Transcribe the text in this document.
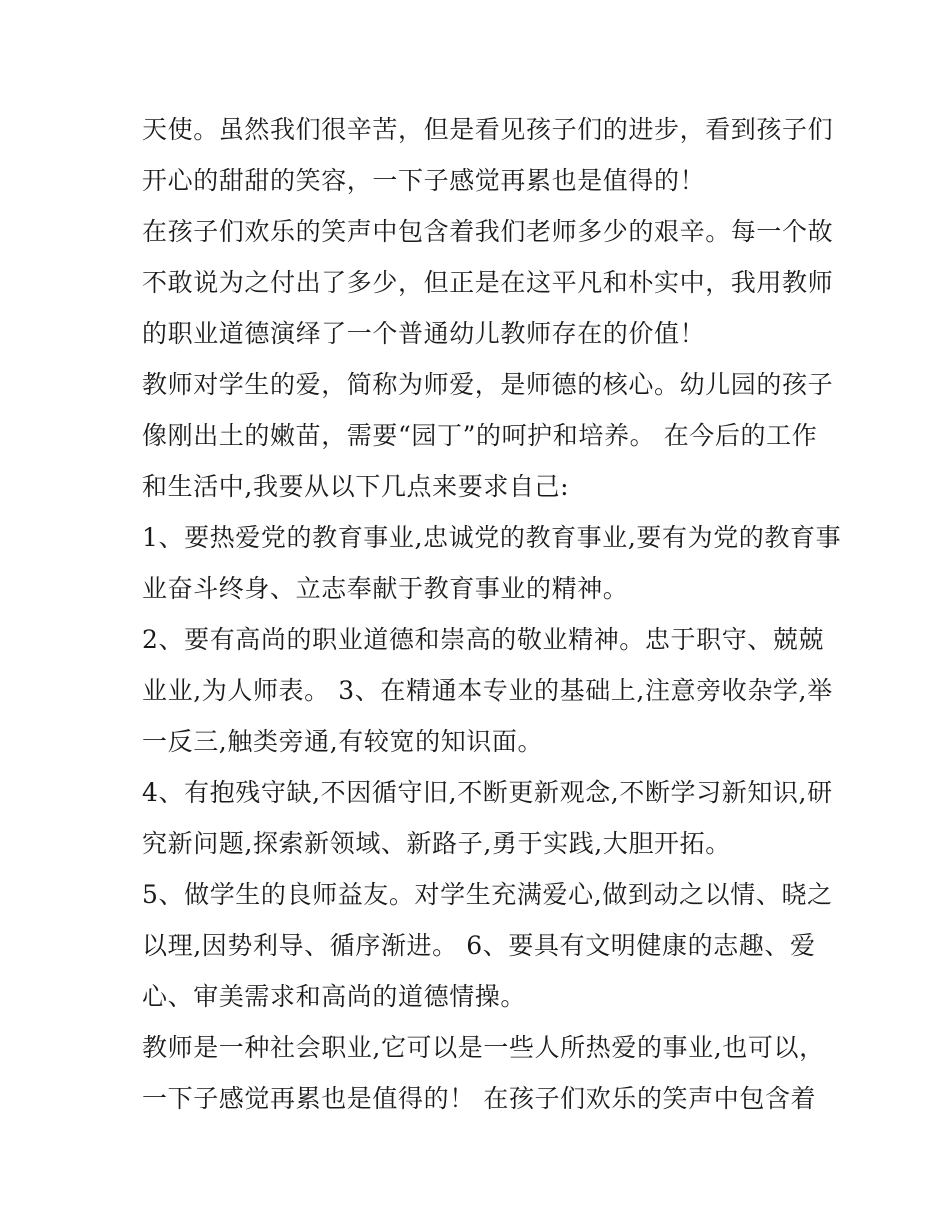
天使。虽然我们很辛苦，但是看见孩子们的进步，看到孩子们
开心的甜甜的笑容，一下子感觉再累也是值得的！
在孩子们欢乐的笑声中包含着我们老师多少的艰辛。每一个故
不敢说为之付出了多少，但正是在这平凡和朴实中，我用教师
的职业道德演绎了一个普通幼儿教师存在的价值！
教师对学生的爱，简称为师爱，是师德的核心。幼儿园的孩子
像刚出土的嫩苗，需要“园丁”的呵护和培养。 在今后的工作
和生活中,我要从以下几点来要求自己:
1、要热爱党的教育事业,忠诚党的教育事业,要有为党的教育事
业奋斗终身、立志奉献于教育事业的精神。
2、要有高尚的职业道德和崇高的敬业精神。忠于职守、兢兢
业业,为人师表。 3、在精通本专业的基础上,注意旁收杂学,举
一反三,触类旁通,有较宽的知识面。
4、有抱残守缺,不因循守旧,不断更新观念,不断学习新知识,研
究新问题,探索新领域、新路子,勇于实践,大胆开拓。
5、做学生的良师益友。对学生充满爱心,做到动之以情、晓之
以理,因势利导、循序渐进。 6、要具有文明健康的志趣、爱
心、审美需求和高尚的道德情操。
教师是一种社会职业,它可以是一些人所热爱的事业,也可以，
一下子感觉再累也是值得的！ 在孩子们欢乐的笑声中包含着
